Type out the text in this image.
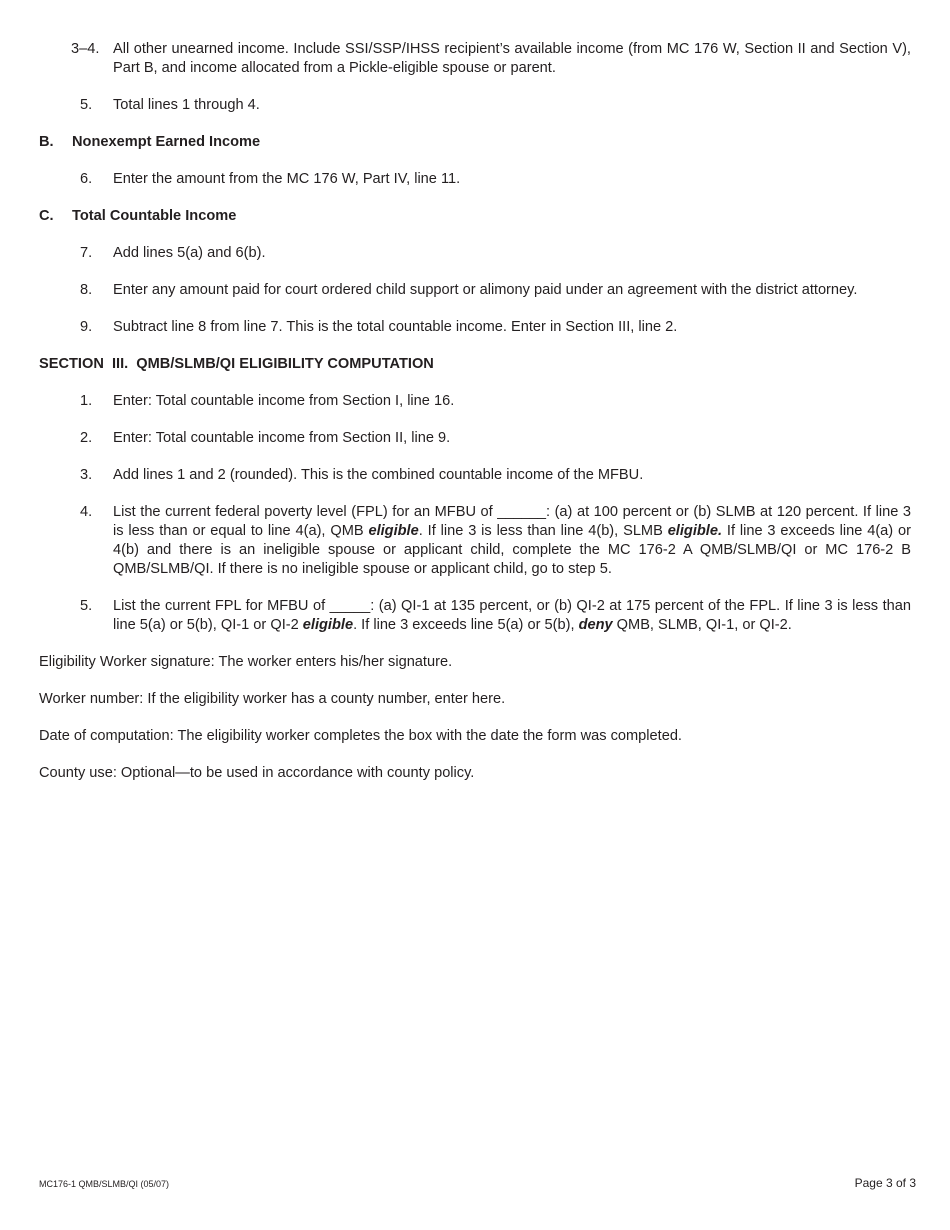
3–4. All other unearned income. Include SSI/SSP/IHSS recipient’s available income (from MC 176 W, Section II and Section V), Part B, and income allocated from a Pickle-eligible spouse or parent.
5.	Total lines 1 through 4.
B.	Nonexempt Earned Income
6.	Enter the amount from the MC 176 W, Part IV, line 11.
C.	Total Countable Income
7.	Add lines 5(a) and 6(b).
8.	Enter any amount paid for court ordered child support or alimony paid under an agreement with the district attorney.
9.	Subtract line 8 from line 7. This is the total countable income. Enter in Section III, line 2.
SECTION  III.  QMB/SLMB/QI ELIGIBILITY COMPUTATION
1.	Enter: Total countable income from Section I, line 16.
2.	Enter: Total countable income from Section II, line 9.
3.	Add lines 1 and 2 (rounded). This is the combined countable income of the MFBU.
4.	List the current federal poverty level (FPL) for an MFBU of ______: (a) at 100 percent or (b) SLMB at 120 percent. If line 3 is less than or equal to line 4(a), QMB eligible. If line 3 is less than line 4(b), SLMB eligible. If line 3 exceeds line 4(a) or 4(b) and there is an ineligible spouse or applicant child, complete the MC 176-2 A QMB/SLMB/QI or MC 176-2 B QMB/SLMB/QI. If there is no ineligible spouse or applicant child, go to step 5.
5.	List the current FPL for MFBU of _____: (a) QI-1 at 135 percent, or (b) QI-2 at 175 percent of the FPL. If line 3 is less than line 5(a) or 5(b), QI-1 or QI-2 eligible. If line 3 exceeds line 5(a) or 5(b), deny QMB, SLMB, QI-1, or QI-2.
Eligibility Worker signature: The worker enters his/her signature.
Worker number: If the eligibility worker has a county number, enter here.
Date of computation: The eligibility worker completes the box with the date the form was completed.
County use: Optional—to be used in accordance with county policy.
MC176-1 QMB/SLMB/QI (05/07)	Page 3 of 3
